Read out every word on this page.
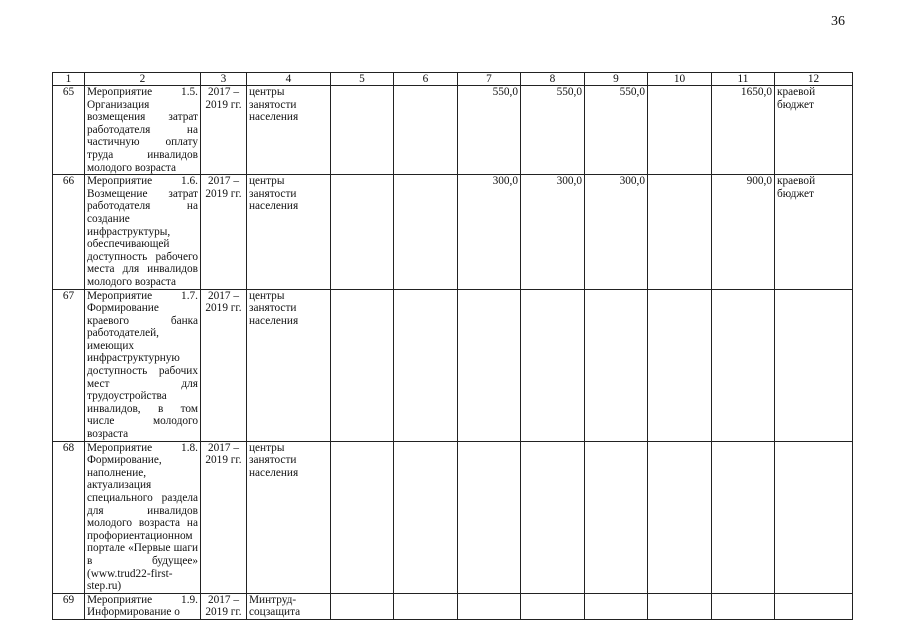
36
1	2	3	4	5	6	7	8	9	10	11	12
65	Мероприятие 1.5. Организация возмещения затрат работодателя на частичную оплату труда инвалидов молодого возраста	2017 – 2019 гг.	центры занятости населения			550,0	550,0	550,0		1650,0	краевой бюджет
66	Мероприятие 1.6. Возмещение затрат работодателя на создание инфраструктуры, обеспечивающей доступность рабочего места для инвалидов молодого возраста	2017 – 2019 гг.	центры занятости населения			300,0	300,0	300,0		900,0	краевой бюджет
67	Мероприятие 1.7. Формирование краевого банка работодателей, имеющих инфраструктурную доступность рабочих мест для трудоустройства инвалидов, в том числе молодого возраста	2017 – 2019 гг.	центры занятости населения								
68	Мероприятие 1.8. Формирование, наполнение, актуализация специального раздела для инвалидов молодого возраста на профориентационном портале «Первые шаги в будущее» (www.trud22-first-step.ru)	2017 – 2019 гг.	центры занятости населения								
69	Мероприятие 1.9. Информирование о	2017 – 2019 гг.	Минтруд-соцзащита								
